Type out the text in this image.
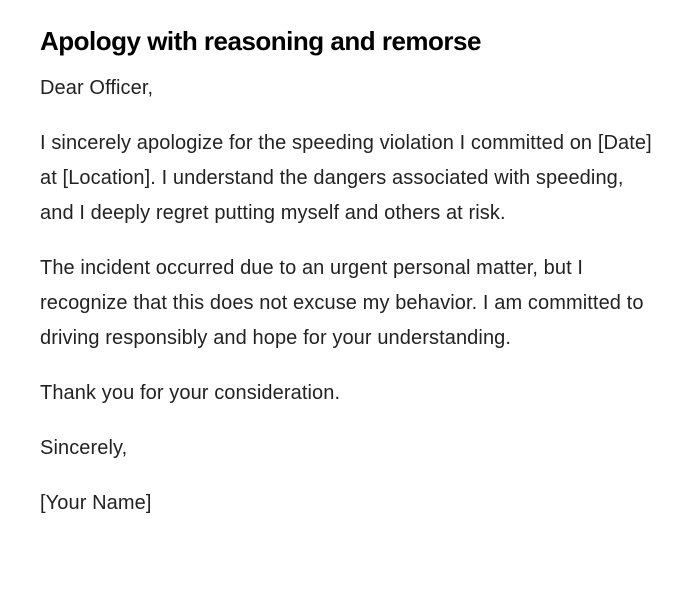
Apology with reasoning and remorse

Dear Officer,

I sincerely apologize for the speeding violation I committed on [Date] at [Location]. I understand the dangers associated with speeding, and I deeply regret putting myself and others at risk.

The incident occurred due to an urgent personal matter, but I recognize that this does not excuse my behavior. I am committed to driving responsibly and hope for your understanding.

Thank you for your consideration.

Sincerely,

[Your Name]
